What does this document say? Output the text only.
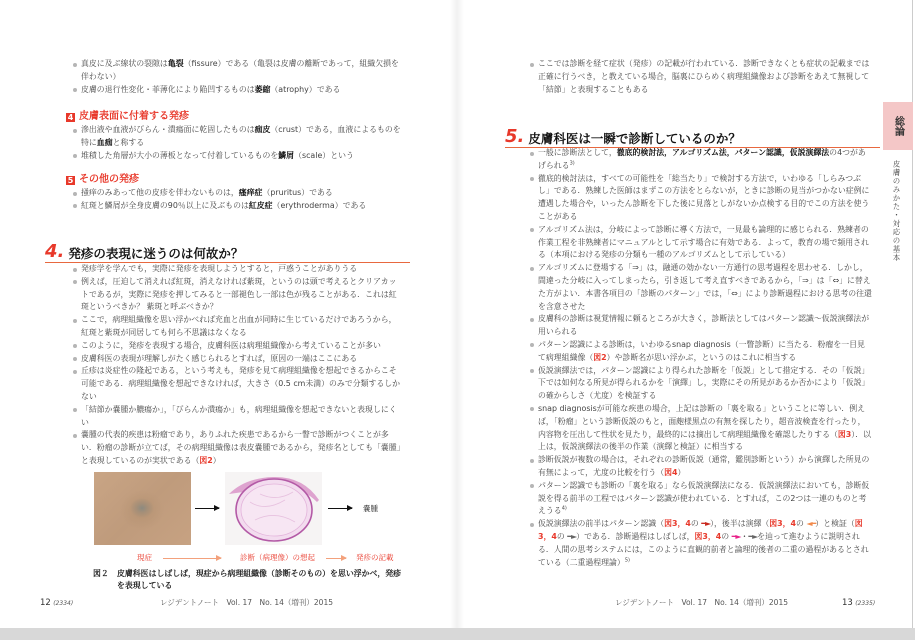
真皮に及ぶ線状の裂隙は亀裂（fissure）である（亀裂は皮膚の離断であって，組織欠損を伴わない）
皮膚の退行性変化・菲薄化により陥凹するものは萎縮（atrophy）である
4 皮膚表面に付着する発疹
滲出液や血液がびらん・潰瘍面に乾固したものは痂皮（crust）である，血液によるものを特に血痂と称する
堆積した角層が大小の薄板となって付着しているものを鱗屑（scale）という
5 その他の発疹
掻痒のみあって他の皮疹を伴わないものは，瘙痒症（pruritus）である
紅斑と鱗屑が全身皮膚の90％以上に及ぶものは紅皮症（erythroderma）である
4. 発疹の表現に迷うのは何故か？
発疹学を学んでも，実際に発疹を表現しようとすると，戸惑うことがありうる
例えば，圧迫して消えれば紅斑，消えなければ紫斑，というのは頭で考えるとクリアカットであるが，実際に発疹を押してみると一部褪色し一部は色が残ることがある．これは紅斑というべきか？ 紫斑と呼ぶべきか？
ここで，病理組織像を思い浮かべれば充血と出血が同時に生じているだけであろうから，紅斑と紫斑が同居しても何ら不思議はなくなる
このように，発疹を表現する場合，皮膚科医は病理組織像から考えていることが多い
皮膚科医の表現が理解しがたく感じられるとすれば，原因の一端はここにある
丘疹は炎症性の隆起である，という考えも，発疹を見て病理組織像を想起できるからこそ可能である．病理組織像を想起できなければ，大きさ（0.5 cm未満）のみで分類するしかない
「結節か嚢腫か膿瘍か」，「びらんか潰瘍か」も，病理組織像を想起できないと表現しにくい
嚢腫の代表的疾患は粉瘤であり，ありふれた疾患であるから一瞥で診断がつくことが多い．粉瘤の診断が立てば，その病理組織像は表皮嚢腫であるから，発疹名としても「嚢腫」と表現しているのが実状である（図2）
嚢腫
現症	診断（病理像）の想起	発疹の記載
図２	皮膚科医はしばしば，現症から病理組織像（診断そのもの）を思い浮かべ，発疹を表現している
12 (2334)	レジデントノート　Vol. 17　No. 14（増刊）2015
ここでは診断を経て症状（発疹）の記載が行われている．診断できなくとも症状の記載までは正確に行うべき，と教えている場合，脳裏にひらめく病理組織像および診断をあえて無視して「結節」と表現することもある
5. 皮膚科医は一瞬で診断しているのか？
一般に診断法として，徹底的検討法，アルゴリズム法，パターン認識，仮説演繹法の4つがあげられる$^{3)}$
徹底的検討法は，すべての可能性を「総当たり」で検討する方法で，いわゆる「しらみつぶし」である．熟練した医師はまずこの方法をとらないが，ときに診断の見当がつかない症例に遭遇した場合や，いったん診断を下した後に見落としがないか点検する目的でこの方法を使うことがある
アルゴリズム法は，分岐によって診断に導く方法で，一見最も論理的に感じられる．熟練者の作業工程を非熟練者にマニュアルとして示す場合に有効である．よって，教育の場で頻用される（本項における発疹の分類も一種のアルゴリズムとして示している）
アルゴリズムに登場する「⇒」は，融通の効かない一方通行の思考過程を思わせる．しかし，間違った分岐に入ってしまったら，引き返して考え直すべきであるから，「⇒」は「⇔」に替えた方がよい．本書各項目の「診断のパターン」では，「⇔」により診断過程における思考の往還を含意させた
皮膚科の診断は視覚情報に頼るところが大きく，診断法としてはパターン認識～仮説演繹法が用いられる
パターン認識による診断は，いわゆるsnap diagnosis（一瞥診断）に当たる．粉瘤を一目見て病理組織像（図2）や診断名が思い浮かぶ，というのはこれに相当する
仮説演繹法では，パターン認識により得られた診断を「仮説」として措定する．その「仮説」下では如何なる所見が得られるかを「演繹」し，実際にその所見があるか否かにより「仮説」の確からしさ（尤度）を検証する
snap diagnosisが可能な疾患の場合，上記は診断の「裏を取る」ということに等しい．例えば，「粉瘤」という診断仮説のもと，面皰様黒点の有無を探したり，超音波検査を行ったり，内容物を圧出して性状を見たり，最終的には摘出して病理組織像を確認したりする（図3）．以上は，仮説演繹法の後半の作業（演繹と検証）に相当する
診断仮説が複数の場合は，それぞれの診断仮説（通常，鑑別診断という）から演繹した所見の有無によって，尤度の比較を行う（図4）
パターン認識でも診断の「裏を取る」なら仮説演繹法になる．仮説演繹法においても，診断仮説を得る前半の工程ではパターン認識が使われている．とすれば，この2つは一連のものと考えうる$^{4)}$
仮説演繹法の前半はパターン認識（図3，4の ━►），後半は演繹（図3，4の ◄━）と検証（図3，4の ━►）である．診断過程はしばしば，図3，4の ━►・━►を辿って進むように説明される．人間の思考システムには，このように直観的前者と論理的後者の二重の過程があるとされている（二重過程理論）$^{5)}$
総論
皮膚のみかた・対応の基本
レジデントノート　Vol. 17　No. 14（増刊）2015	13 (2335)
